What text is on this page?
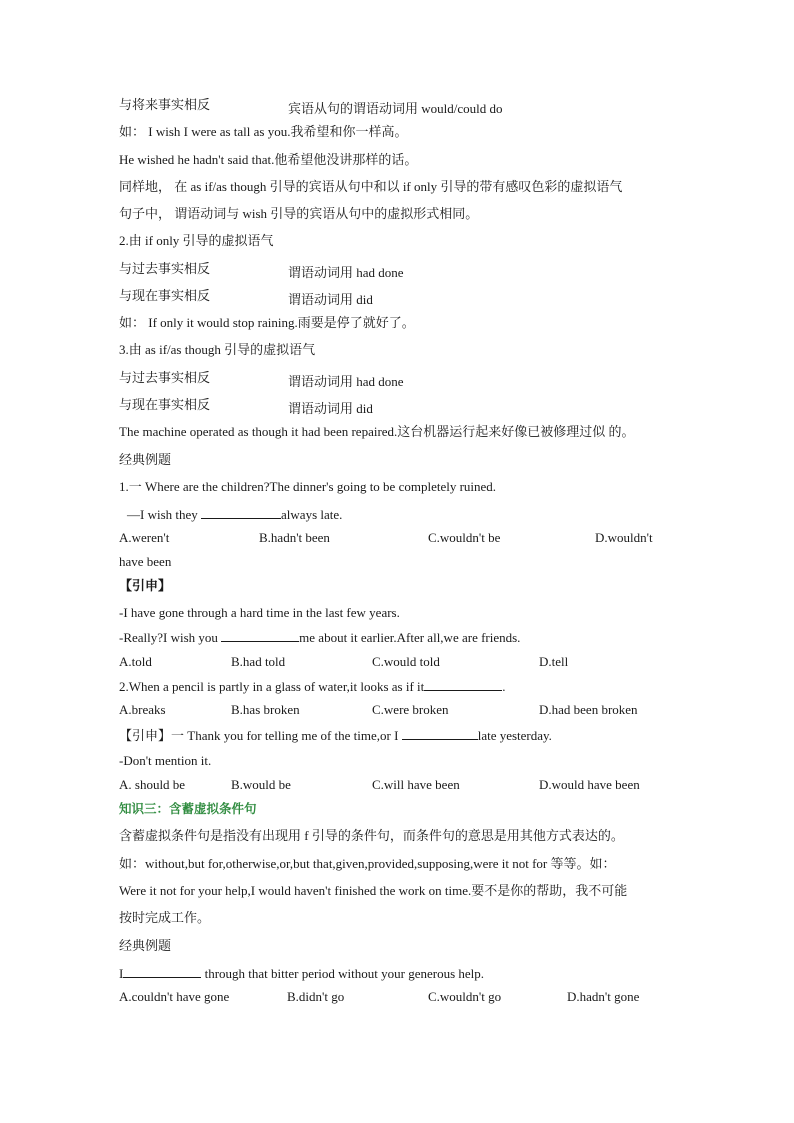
与将来事实相反	宾语从句的谓语动词用 would/could do
如： I wish I were as tall as you.我希望和你一样高。
He wished he hadn't said that.他希望他没讲那样的话。
同样地， 在 as if/as though 引导的宾语从句中和以 if only 引导的带有感叹色彩的虚拟语气
句子中， 谓语动词与 wish 引导的宾语从句中的虚拟形式相同。
2.由 if only 引导的虚拟语气
与过去事实相反	谓语动词用 had done
与现在事实相反	谓语动词用 did
如： If only it would stop raining.雨要是停了就好了。
3.由 as if/as though 引导的虚拟语气
与过去事实相反	谓语动词用 had done
与现在事实相反	谓语动词用 did
The machine operated as though it had been repaired.这台机器运行起来好像已被修理过似 的。
经典例题
1.一 Where are the children?The dinner's going to be completely ruined.
—I wish they	always late.
A.weren't	B.hadn't been	C.wouldn't be	D.wouldn't
have been
【引申】
-I have gone through a hard time in the last few years.
-Really?I wish you	me about it earlier.After all,we are friends.
A.told	B.had told	C.would told	D.tell
2.When a pencil is partly in a glass of water,it looks as if it	.
A.breaks	B.has broken	C.were broken	D.had been broken
【引申】一 Thank you for telling me of the time,or I	late yesterday.
-Don't mention it.
A. should be	B.would be	C.will have been	D.would have been
知识三：含蓄虚拟条件句
含蓄虚拟条件句是指没有出现用 f 引导的条件句，而条件句的意思是用其他方式表达的。
如：without,but for,otherwise,or,but that,given,provided,supposing,were it not for 等等。如：
Were it not for your help,I would haven't finished the work on time.要不是你的帮助，我不可能
按时完成工作。
经典例题
I	through that bitter period without your generous help.
A.couldn't have gone	B.didn't go	C.wouldn't go	D.hadn't gone
